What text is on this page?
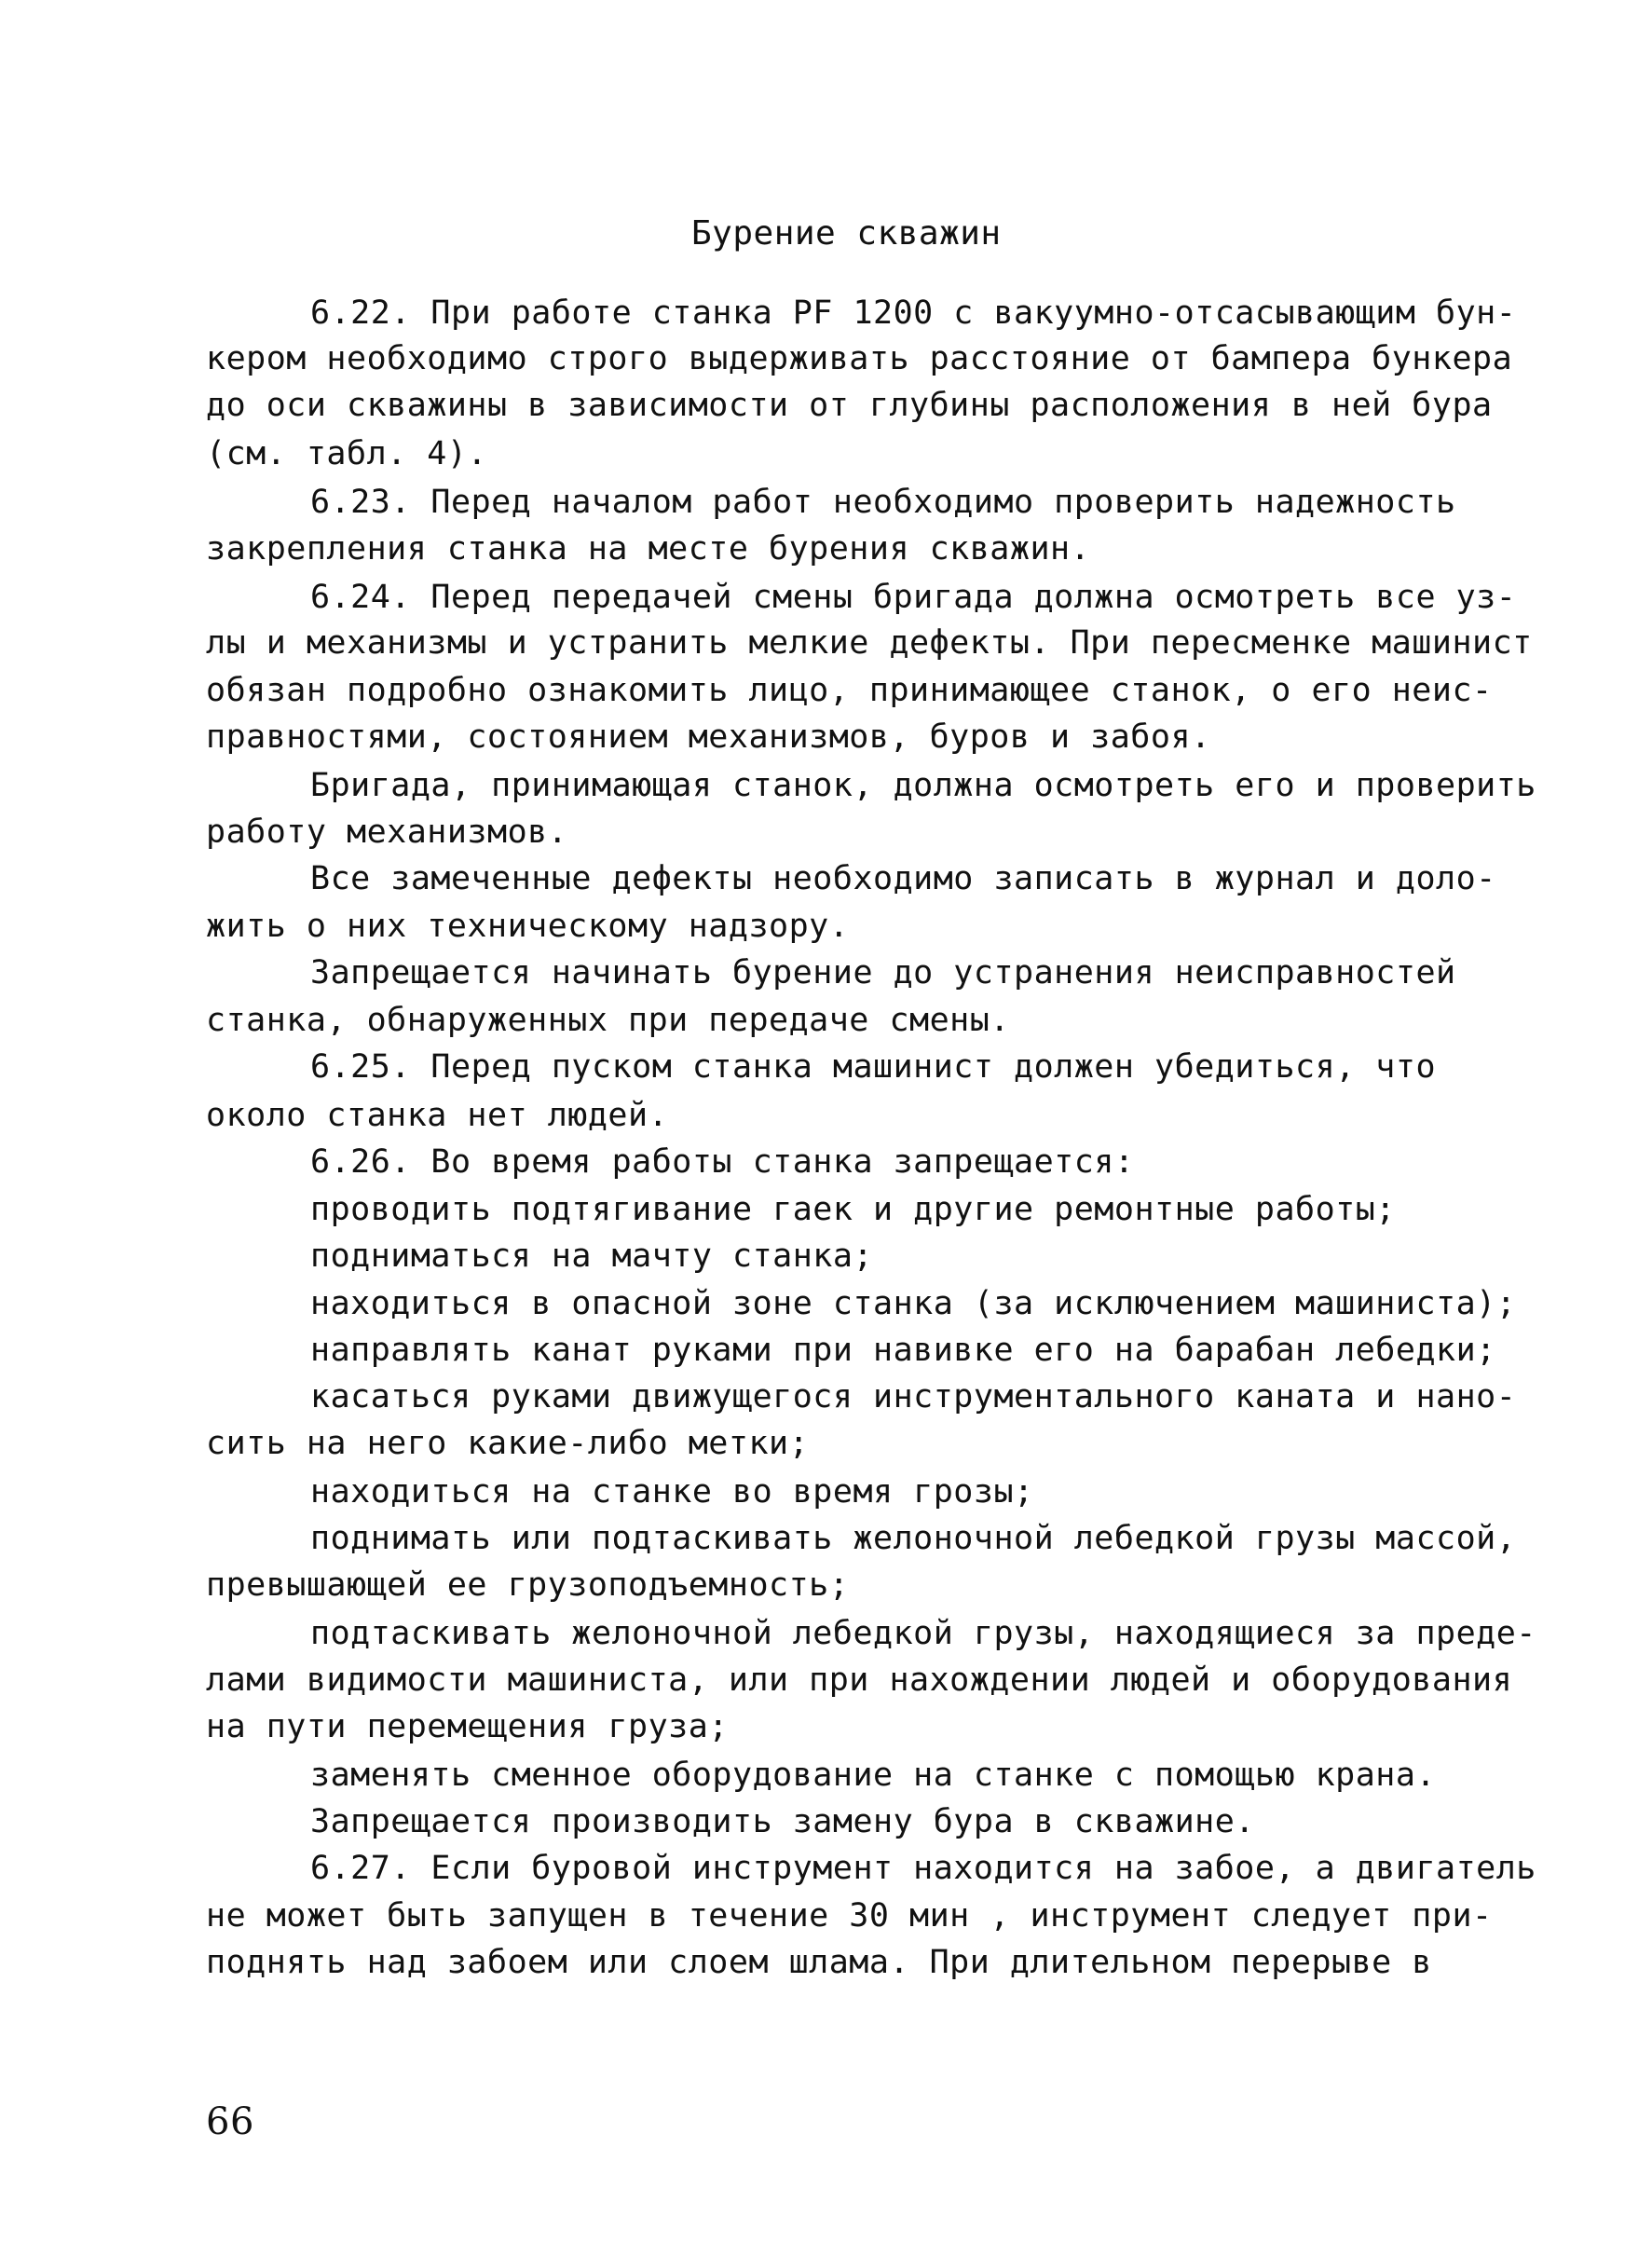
Бурение скважин
6.22. При работе станка РF 1200 с вакуумно-отсасывающим бун-
кером необходимо строго выдерживать расстояние от бампера бункера
до оси скважины в зависимости от глубины расположения в ней бура
(см. табл. 4).
6.23. Перед началом работ необходимо проверить надежность
закрепления станка на месте бурения скважин.
6.24. Перед передачей смены бригада должна осмотреть все уз-
лы и механизмы и устранить мелкие дефекты. При пересменке машинист
обязан подробно ознакомить лицо, принимающее станок, о его неис-
правностями, состоянием механизмов, буров и забоя.
Бригада, принимающая станок, должна осмотреть его и проверить
работу механизмов.
Все замеченные дефекты необходимо записать в журнал и доло-
жить о них техническому надзору.
Запрещается начинать бурение до устранения неисправностей
станка, обнаруженных при передаче смены.
6.25. Перед пуском станка машинист должен убедиться, что
около станка нет людей.
6.26. Во время работы станка запрещается:
проводить подтягивание гаек и другие ремонтные работы;
подниматься на мачту станка;
находиться в опасной зоне станка (за исключением машиниста);
направлять канат руками при навивке его на барабан лебедки;
касаться руками движущегося инструментального каната и нано-
сить на него какие-либо метки;
находиться на станке во время грозы;
поднимать или подтаскивать желоночной лебедкой грузы массой,
превышающей ее грузоподъемность;
подтаскивать желоночной лебедкой грузы, находящиеся за преде-
лами видимости машиниста, или при нахождении людей и оборудования
на пути перемещения груза;
заменять сменное оборудование на станке с помощью крана.
Запрещается производить замену бура в скважине.
6.27. Если буровой инструмент находится на забое, а двигатель
не может быть запущен в течение 30 мин , инструмент следует при-
поднять над забоем или слоем шлама. При длительном перерыве в
66
